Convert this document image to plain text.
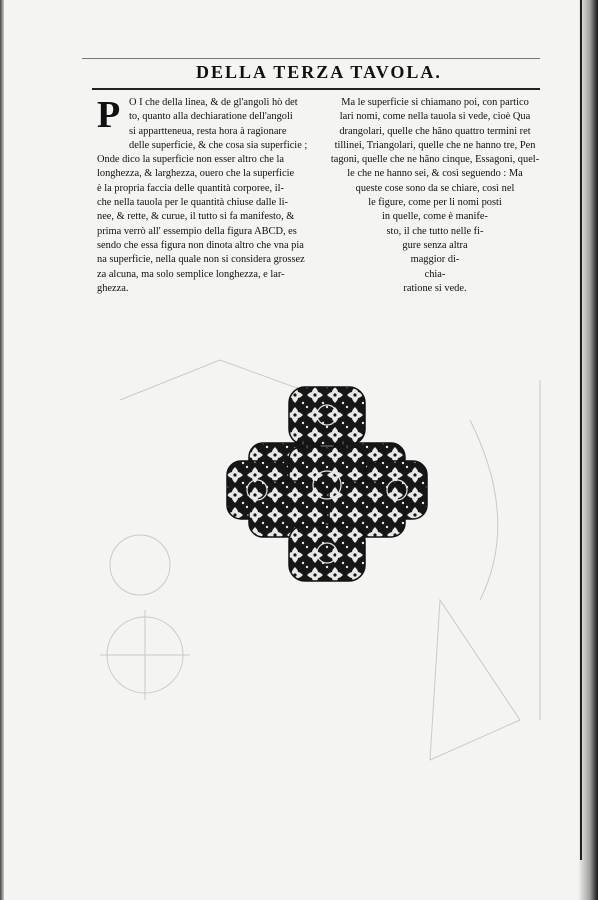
DELLA TERZA TAVOLA.
P O I che della linea, & de gl'angoli hò det
to, quanto alla dechiaratione dell'angoli
si appartteneua, resta hora à ragionare
delle superficie, & che cosa sia superficie ;
Onde dico la superficie non esser altro che la
longhezza, & larghezza, ouero che la superficie
è la propria faccia delle quantità corporee, il-
che nella tauola per le quantità chiuse dalle li-
nee, & rette, & curue, il tutto si fa manifesto, &
prima verrò all' essempio della figura ABCD, es
sendo che essa figura non dinota altro che vna pia
na superficie, nella quale non si considera grossez
za alcuna, ma solo semplice longhezza, e lar-
ghezza.
Ma le superficie si chiamano poi, con partico
lari nomi, come nella tauola si vede, cioè Qua
drangolari, quelle che hãno quattro termini ret
tillinei, Triangolari, quelle che ne hanno tre, Pen
tagoni, quelle che ne hãno cinque, Essagoni, quel-
le che ne hanno sei, & così seguendo : Ma
queste cose sono da se chiare, così nel
le figure, come per li nomi posti
in quelle, come è manife-
sto, il che tutto nelle fi-
gure senza altra
maggior di-
chia-
ratione si vede.
